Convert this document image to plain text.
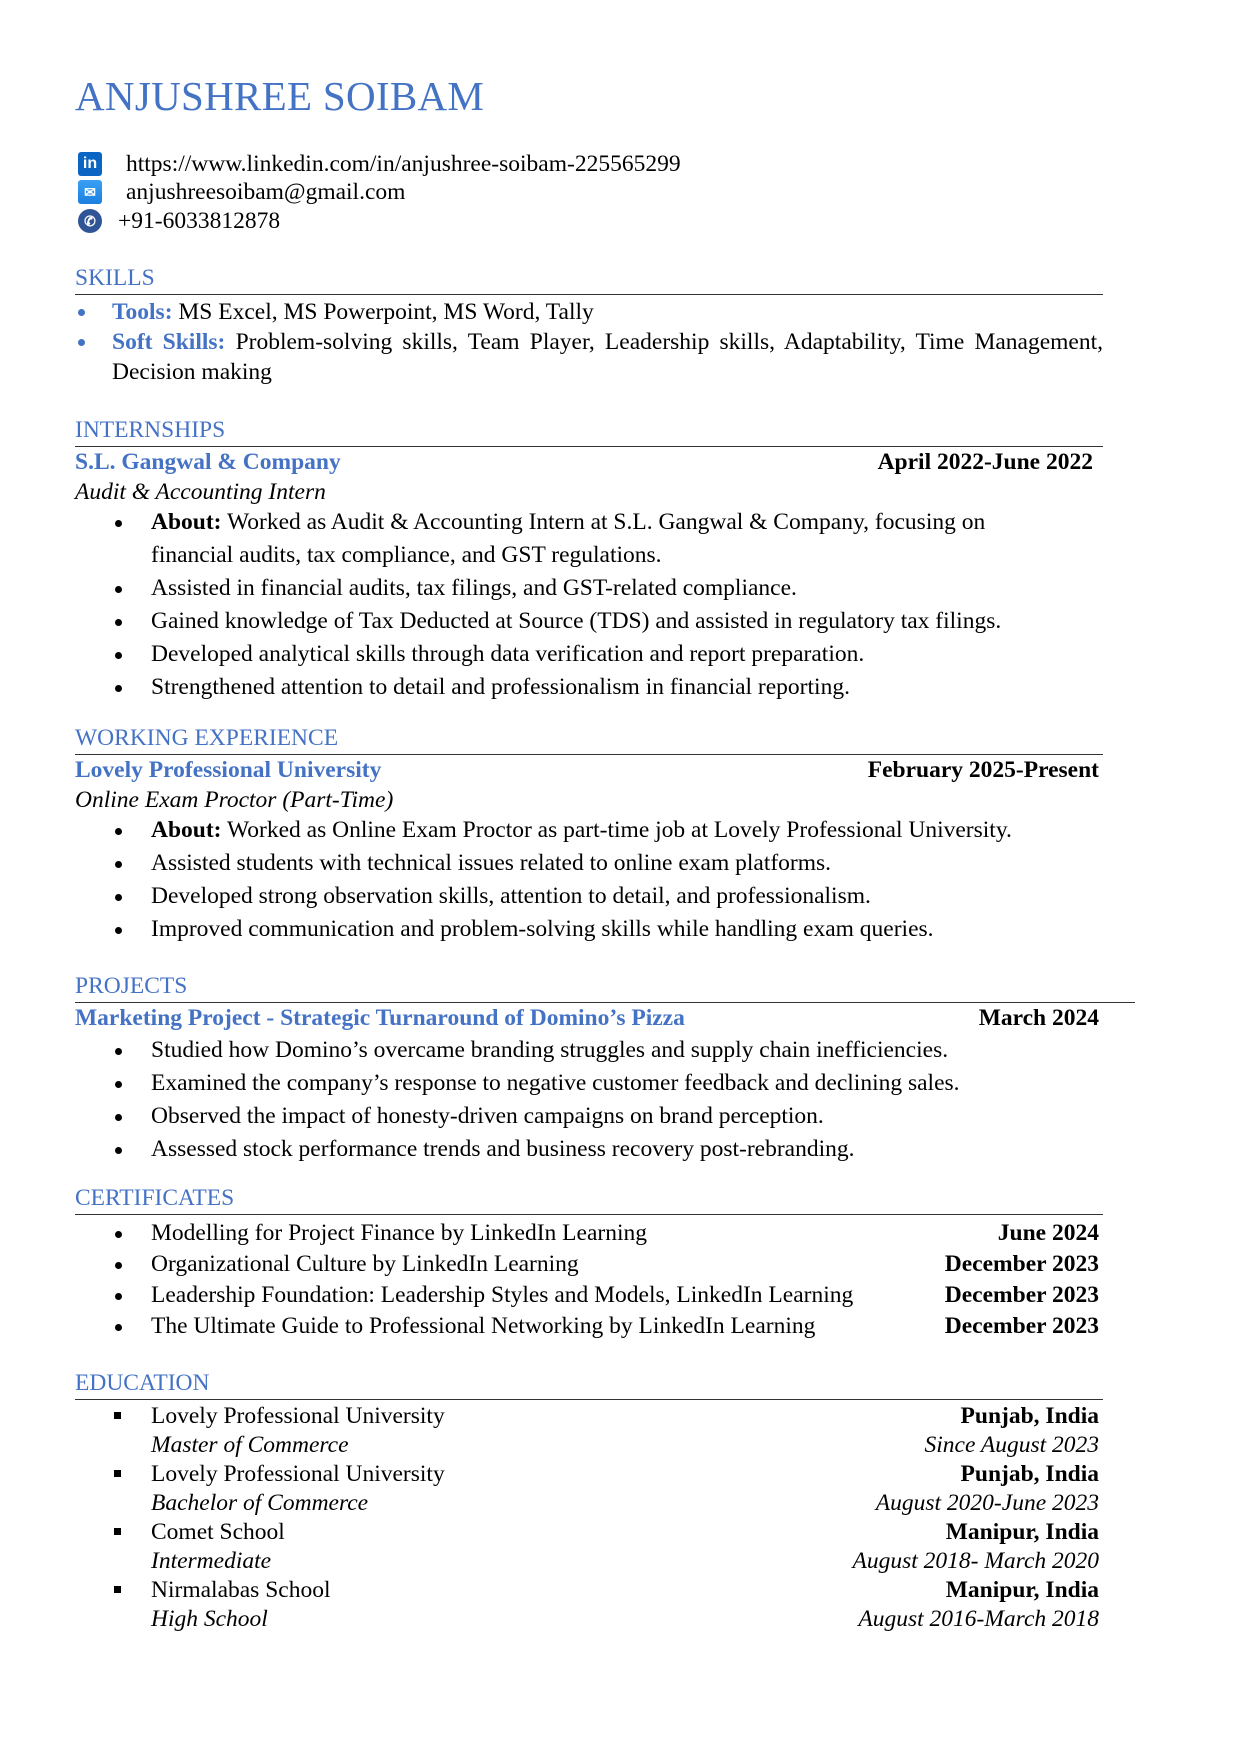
ANJUSHREE SOIBAM
in https://www.linkedin.com/in/anjushree-soibam-225565299
✉ anjushreesoibam@gmail.com
✆ +91-6033812878
SKILLS
Tools: MS Excel, MS Powerpoint, MS Word, Tally
Soft Skills: Problem-solving skills, Team Player, Leadership skills, Adaptability, Time Management, Decision making
INTERNSHIPS
S.L. Gangwal & Company	April 2022-June 2022
Audit & Accounting Intern
About: Worked as Audit & Accounting Intern at S.L. Gangwal & Company, focusing on financial audits, tax compliance, and GST regulations.
Assisted in financial audits, tax filings, and GST-related compliance.
Gained knowledge of Tax Deducted at Source (TDS) and assisted in regulatory tax filings.
Developed analytical skills through data verification and report preparation.
Strengthened attention to detail and professionalism in financial reporting.
WORKING EXPERIENCE
Lovely Professional University	February 2025-Present
Online Exam Proctor (Part-Time)
About: Worked as Online Exam Proctor as part-time job at Lovely Professional University.
Assisted students with technical issues related to online exam platforms.
Developed strong observation skills, attention to detail, and professionalism.
Improved communication and problem-solving skills while handling exam queries.
PROJECTS
Marketing Project - Strategic Turnaround of Domino’s Pizza	March 2024
Studied how Domino’s overcame branding struggles and supply chain inefficiencies.
Examined the company’s response to negative customer feedback and declining sales.
Observed the impact of honesty-driven campaigns on brand perception.
Assessed stock performance trends and business recovery post-rebranding.
CERTIFICATES
Modelling for Project Finance by LinkedIn Learning	June 2024
Organizational Culture by LinkedIn Learning	December 2023
Leadership Foundation: Leadership Styles and Models, LinkedIn Learning	December 2023
The Ultimate Guide to Professional Networking by LinkedIn Learning	December 2023
EDUCATION
Lovely Professional University	Punjab, India
Master of Commerce	Since August 2023
Lovely Professional University	Punjab, India
Bachelor of Commerce	August 2020-June 2023
Comet School	Manipur, India
Intermediate	August 2018- March 2020
Nirmalabas School	Manipur, India
High School	August 2016-March 2018
